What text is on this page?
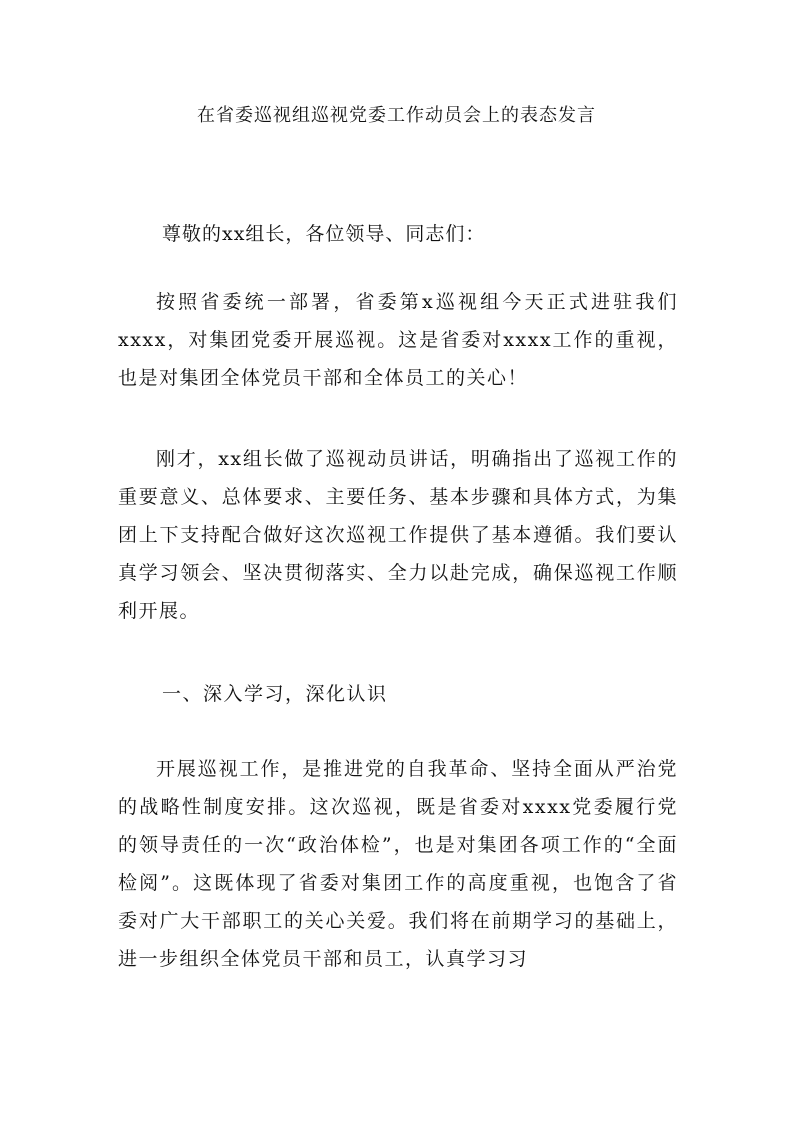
在省委巡视组巡视党委工作动员会上的表态发言
尊敬的xx组长，各位领导、同志们：

按照省委统一部署，省委第x巡视组今天正式进驻我们xxxx，对集团党委开展巡视。这是省委对xxxx工作的重视，也是对集团全体党员干部和全体员工的关心！

刚才，xx组长做了巡视动员讲话，明确指出了巡视工作的重要意义、总体要求、主要任务、基本步骤和具体方式，为集团上下支持配合做好这次巡视工作提供了基本遵循。我们要认真学习领会、坚决贯彻落实、全力以赴完成，确保巡视工作顺利开展。

一、深入学习，深化认识

开展巡视工作，是推进党的自我革命、坚持全面从严治党的战略性制度安排。这次巡视，既是省委对xxxx党委履行党的领导责任的一次“政治体检”，也是对集团各项工作的“全面检阅”。这既体现了省委对集团工作的高度重视，也饱含了省委对广大干部职工的关心关爱。我们将在前期学习的基础上，进一步组织全体党员干部和员工，认真学习习
